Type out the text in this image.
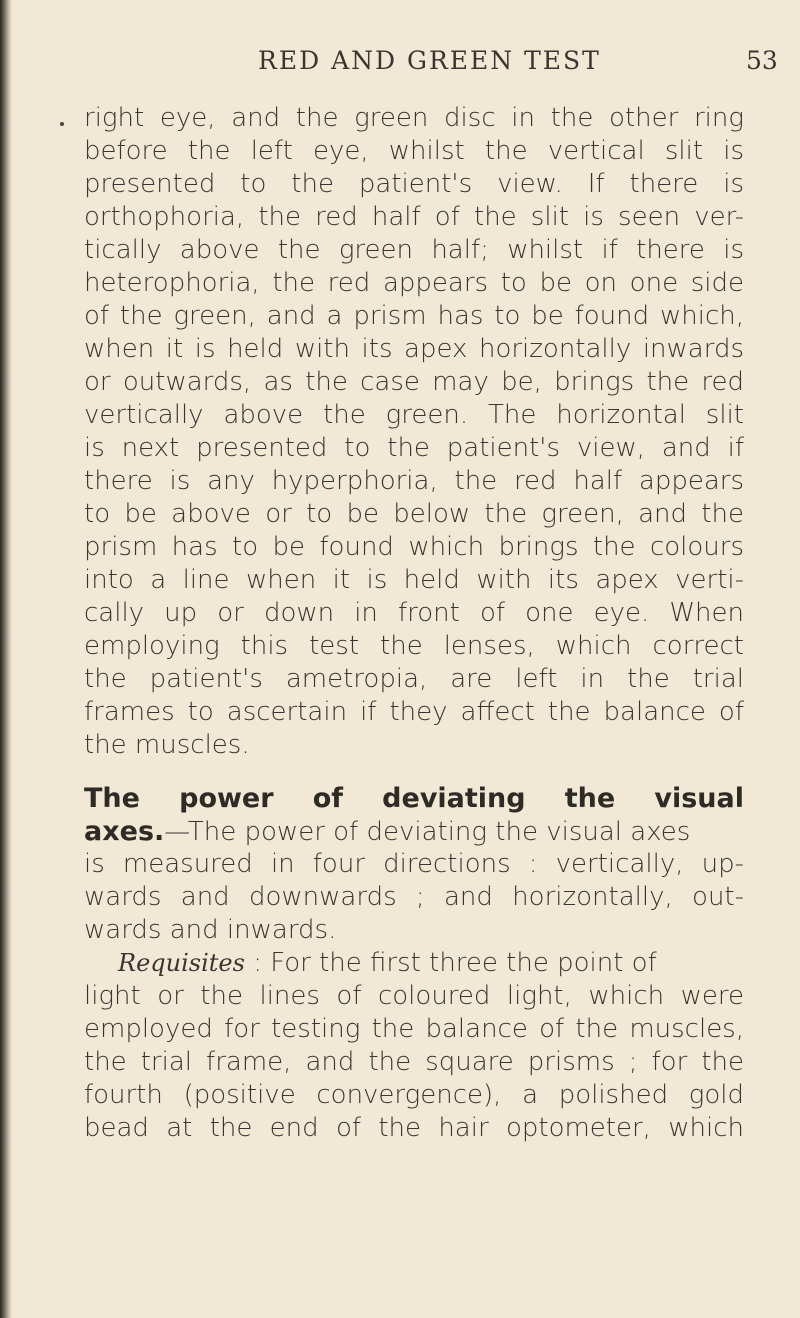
RED AND GREEN TEST	53
right eye, and the green disc in the other ring
before the left eye, whilst the vertical slit is
presented to the patient's view. If there is
orthophoria, the red half of the slit is seen ver-
tically above the green half; whilst if there is
heterophoria, the red appears to be on one side
of the green, and a prism has to be found which,
when it is held with its apex horizontally inwards
or outwards, as the case may be, brings the red
vertically above the green. The horizontal slit
is next presented to the patient's view, and if
there is any hyperphoria, the red half appears
to be above or to be below the green, and the
prism has to be found which brings the colours
into a line when it is held with its apex verti-
cally up or down in front of one eye. When
employing this test the lenses, which correct
the patient's ametropia, are left in the trial
frames to ascertain if they affect the balance of
the muscles.
The power of deviating the visual
axes.—The power of deviating the visual axes
is measured in four directions : vertically, up-
wards and downwards ; and horizontally, out-
wards and inwards.
Requisites : For the first three the point of
light or the lines of coloured light, which were
employed for testing the balance of the muscles,
the trial frame, and the square prisms ; for the
fourth (positive convergence), a polished gold
bead at the end of the hair optometer, which
